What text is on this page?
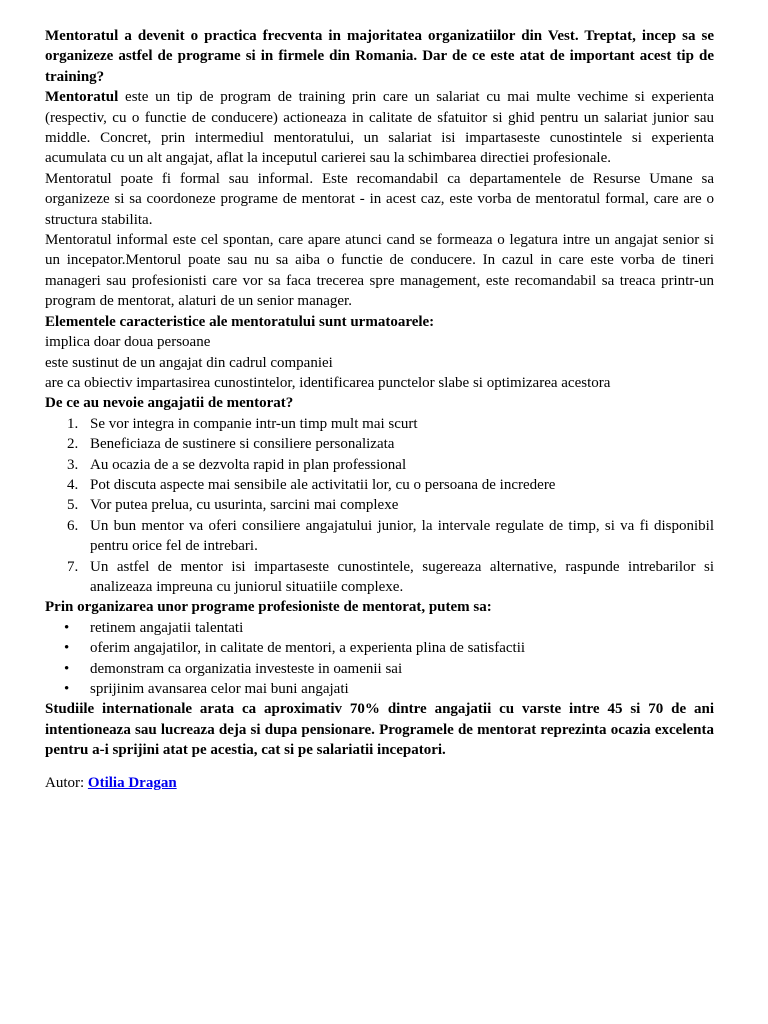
Mentoratul a devenit o practica frecventa in majoritatea organizatiilor din Vest. Treptat, incep sa se organizeze astfel de programe si in firmele din Romania. Dar de ce este atat de important acest tip de training?

Mentoratul este un tip de program de training prin care un salariat cu mai multe vechime si experienta (respectiv, cu o functie de conducere) actioneaza in calitate de sfatuitor si ghid pentru un salariat junior sau middle. Concret, prin intermediul mentoratului, un salariat isi impartaseste cunostintele si experienta acumulata cu un alt angajat, aflat la inceputul carierei sau la schimbarea directiei profesionale.

Mentoratul poate fi formal sau informal. Este recomandabil ca departamentele de Resurse Umane sa organizeze si sa coordoneze programe de mentorat - in acest caz, este vorba de mentoratul formal, care are o structura stabilita.

Mentoratul informal este cel spontan, care apare atunci cand se formeaza o legatura intre un angajat senior si un incepator.Mentorul poate sau nu sa aiba o functie de conducere. In cazul in care este vorba de tineri manageri sau profesionisti care vor sa faca trecerea spre management, este recomandabil sa treaca printr-un program de mentorat, alaturi de un senior manager.

Elementele caracteristice ale mentoratului sunt urmatoarele:

implica doar doua persoane
este sustinut de un angajat din cadrul companiei
are ca obiectiv impartasirea cunostintelor, identificarea punctelor slabe si optimizarea acestora

De ce au nevoie angajatii de mentorat?

1. Se vor integra in companie intr-un timp mult mai scurt
2. Beneficiaza de sustinere si consiliere personalizata
3. Au ocazia de a se dezvolta rapid in plan professional
4. Pot discuta aspecte mai sensibile ale activitatii lor, cu o persoana de incredere
5. Vor putea prelua, cu usurinta, sarcini mai complexe
6. Un bun mentor va oferi consiliere angajatului junior, la intervale regulate de timp, si va fi disponibil pentru orice fel de intrebari.
7. Un astfel de mentor isi impartaseste cunostintele, sugereaza alternative, raspunde intrebarilor si analizeaza impreuna cu juniorul situatiile complexe.

Prin organizarea unor programe profesioniste de mentorat, putem sa:

• retinem angajatii talentati
• oferim angajatilor, in calitate de mentori, a experienta plina de satisfactii
• demonstram ca organizatia investeste in oamenii sai
• sprijinim avansarea celor mai buni angajati

Studiile internationale arata ca aproximativ 70% dintre angajatii cu varste intre 45 si 70 de ani intentioneaza sau lucreaza deja si dupa pensionare. Programele de mentorat reprezinta ocazia excelenta pentru a-i sprijini atat pe acestia, cat si pe salariatii incepatori.

Autor: Otilia Dragan
